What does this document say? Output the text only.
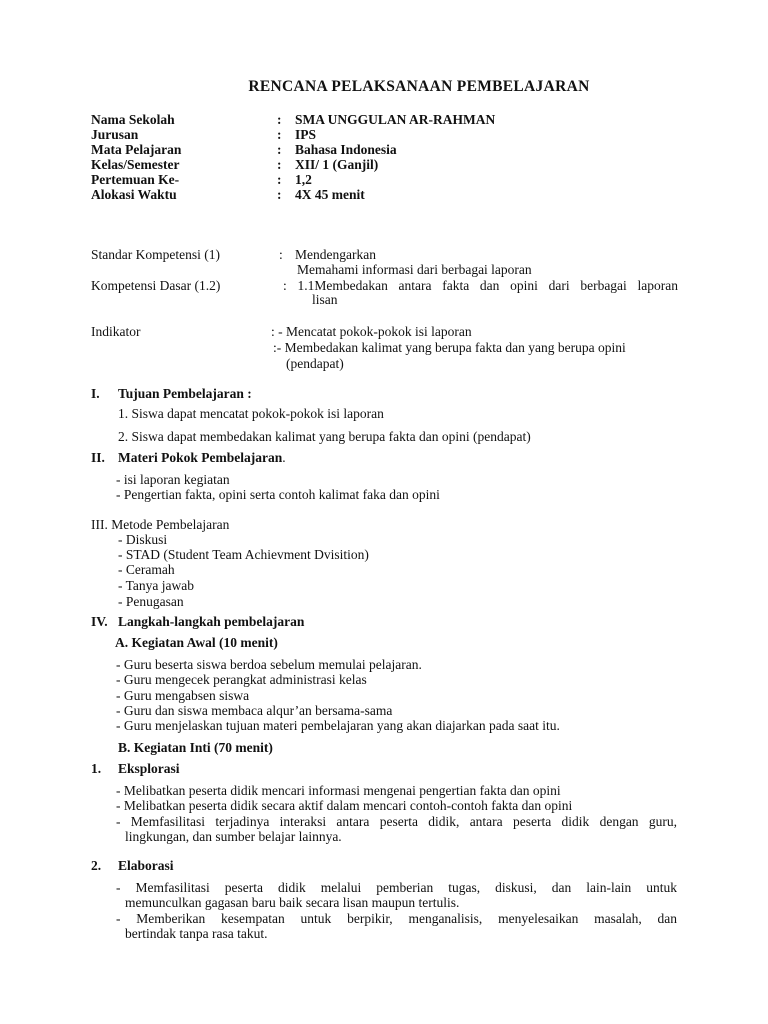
RENCANA PELAKSANAAN PEMBELAJARAN
Nama Sekolah	: SMA UNGGULAN AR-RAHMAN
Jurusan	: IPS
Mata Pelajaran	: Bahasa Indonesia
Kelas/Semester	: XII/ 1 (Ganjil)
Pertemuan Ke-	: 1,2
Alokasi Waktu	: 4X 45 menit
Standar Kompetensi (1)	: Mendengarkan
Memahami informasi dari berbagai laporan
Kompetensi Dasar (1.2)	: 1.1Membedakan antara fakta dan opini dari berbagai laporan
lisan
Indikator	: - Mencatat pokok-pokok isi laporan
:- Membedakan kalimat yang berupa fakta dan yang berupa opini
(pendapat)
I. Tujuan Pembelajaran :
1. Siswa dapat mencatat pokok-pokok isi laporan
2. Siswa dapat membedakan kalimat yang berupa fakta dan opini (pendapat)
II. Materi Pokok Pembelajaran.
- isi laporan kegiatan
- Pengertian fakta, opini serta contoh kalimat faka dan opini
III. Metode Pembelajaran
- Diskusi
- STAD (Student Team Achievment Dvisition)
- Ceramah
- Tanya jawab
- Penugasan
IV. Langkah-langkah pembelajaran
A. Kegiatan Awal (10 menit)
- Guru beserta siswa berdoa sebelum memulai pelajaran.
- Guru mengecek perangkat administrasi kelas
- Guru mengabsen siswa
- Guru dan siswa membaca alqur’an bersama-sama
- Guru menjelaskan tujuan materi pembelajaran yang akan diajarkan pada saat itu.
B. Kegiatan Inti (70 menit)
1. Eksplorasi
- Melibatkan peserta didik mencari informasi mengenai pengertian fakta dan opini
- Melibatkan peserta didik secara aktif dalam mencari contoh-contoh fakta dan opini
- Memfasilitasi terjadinya interaksi antara peserta didik, antara peserta didik dengan guru,
lingkungan, dan sumber belajar lainnya.
2. Elaborasi
- Memfasilitasi peserta didik melalui pemberian tugas, diskusi, dan lain-lain untuk
memunculkan gagasan baru baik secara lisan maupun tertulis.
- Memberikan kesempatan untuk berpikir, menganalisis, menyelesaikan masalah, dan
bertindak tanpa rasa takut.
